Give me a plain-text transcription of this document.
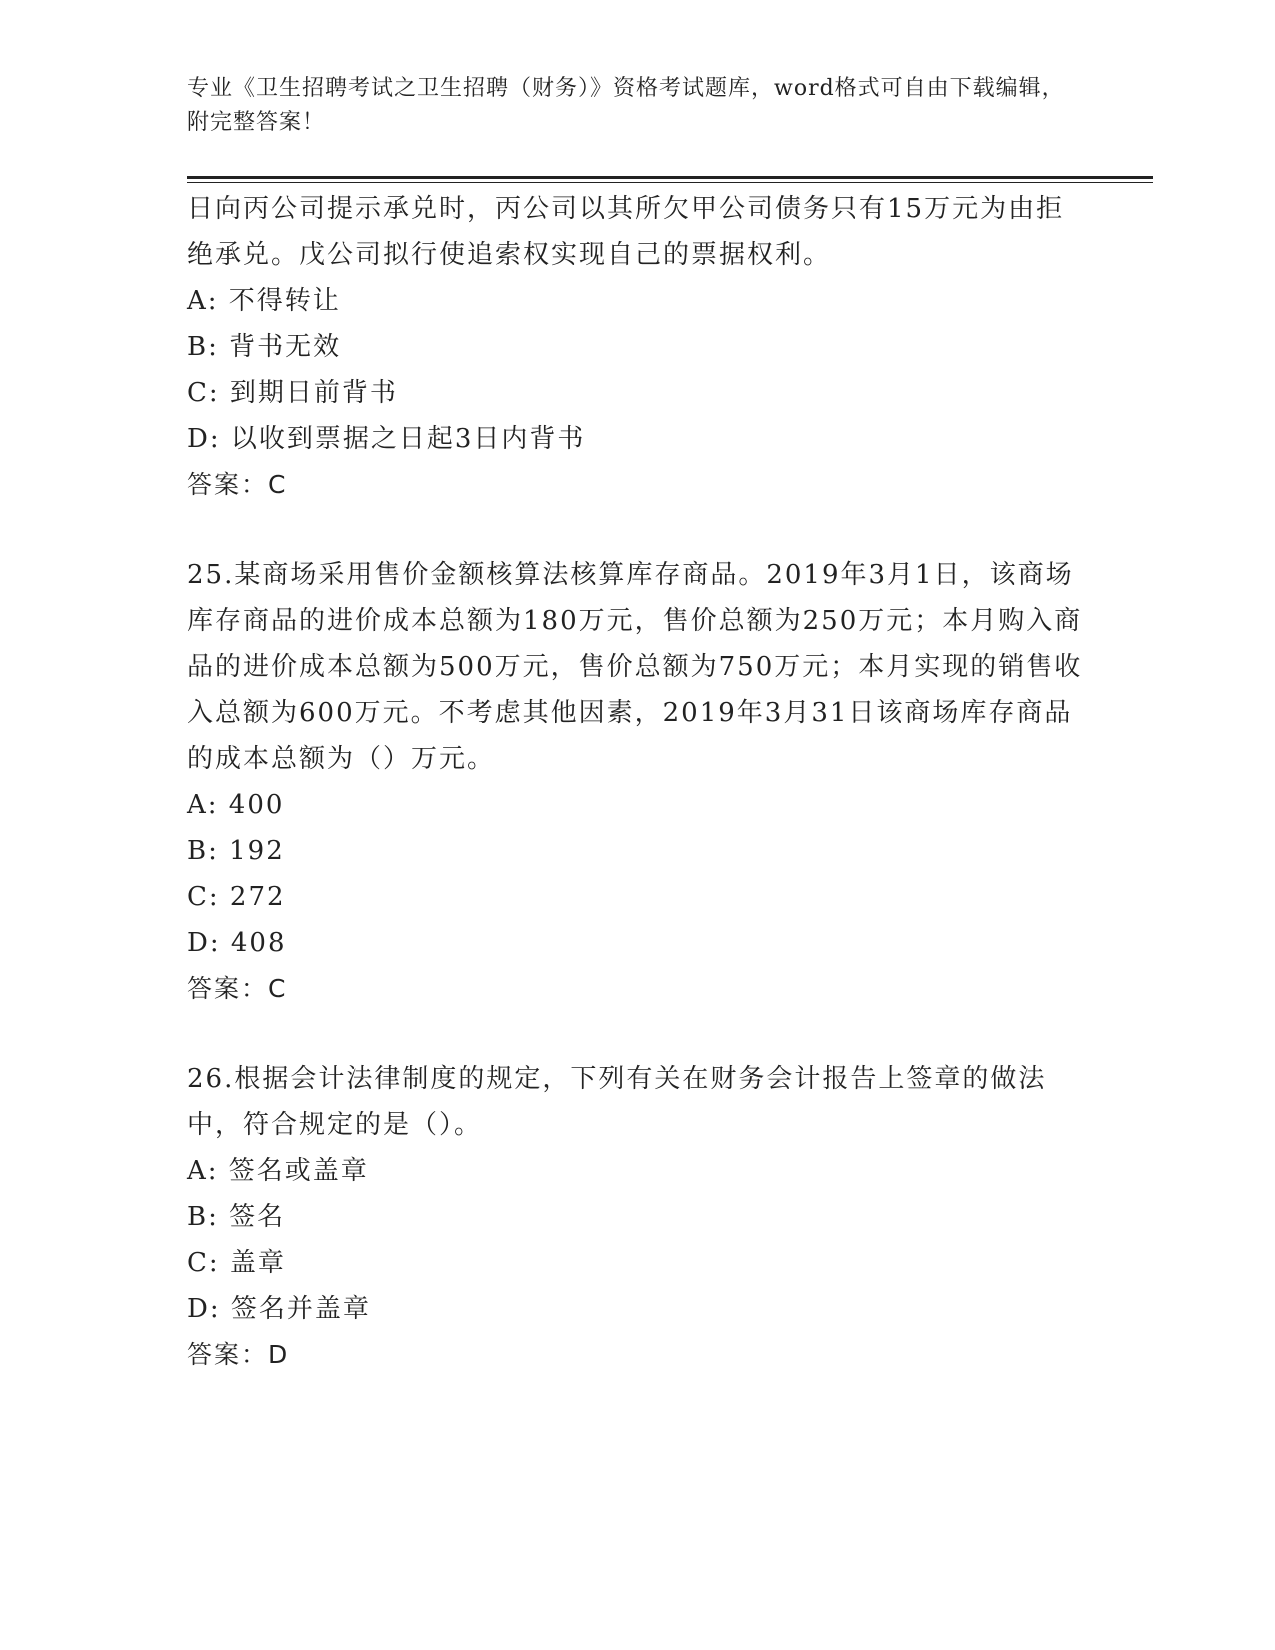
专业《卫生招聘考试之卫生招聘（财务）》资格考试题库，word格式可自由下载编辑，附完整答案！

日向丙公司提示承兑时，丙公司以其所欠甲公司债务只有15万元为由拒绝承兑。戊公司拟行使追索权实现自己的票据权利。

A: 不得转让

B: 背书无效

C: 到期日前背书

D: 以收到票据之日起3日内背书

答案：C

25.某商场采用售价金额核算法核算库存商品。2019年3月1日，该商场库存商品的进价成本总额为180万元，售价总额为250万元；本月购入商品的进价成本总额为500万元，售价总额为750万元；本月实现的销售收入总额为600万元。不考虑其他因素，2019年3月31日该商场库存商品的成本总额为（）万元。

A: 400

B: 192

C: 272

D: 408

答案：C

26.根据会计法律制度的规定，下列有关在财务会计报告上签章的做法中，符合规定的是（）。

A: 签名或盖章

B: 签名

C: 盖章

D: 签名并盖章

答案：D
